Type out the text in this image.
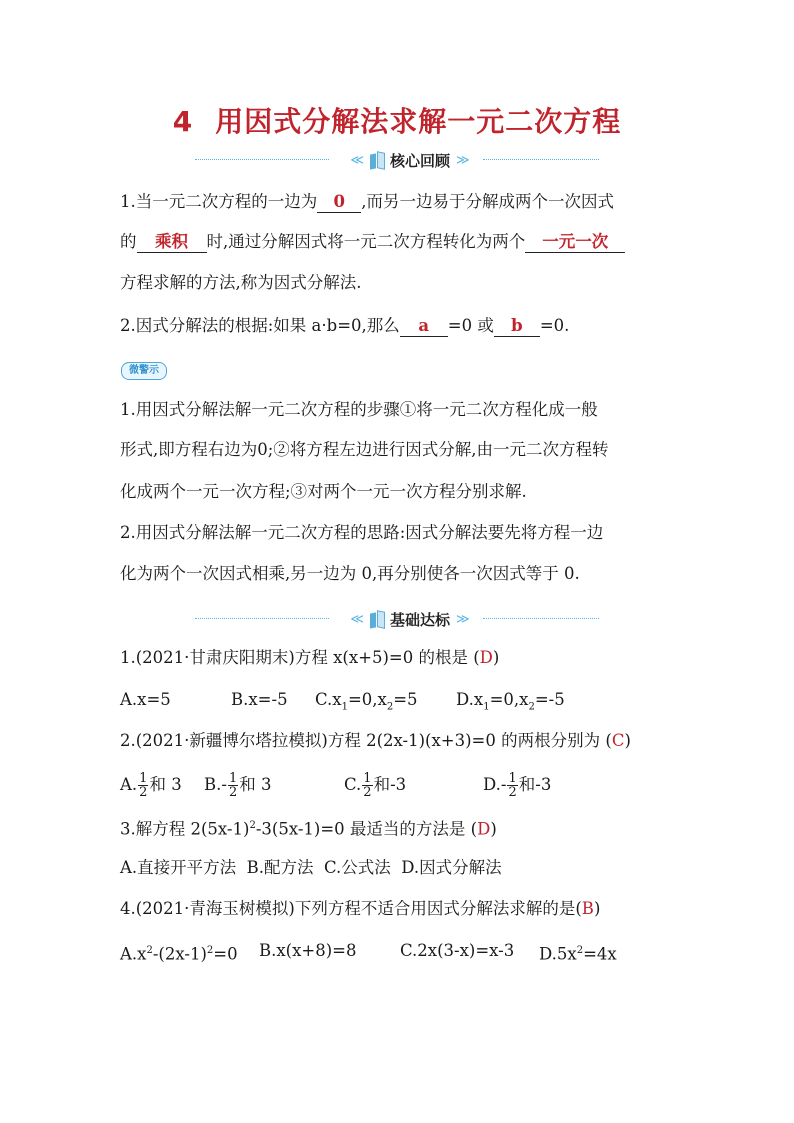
4 用因式分解法求解一元二次方程
≪ 核心回顾 ≫
1.当一元二次方程的一边为 0 ,而另一边易于分解成两个一次因式
的 乘积 时,通过分解因式将一元二次方程转化为两个 一元一次
方程求解的方法,称为因式分解法.
2.因式分解法的根据:如果 a·b=0,那么 a =0 或 b =0.
微警示
1.用因式分解法解一元二次方程的步骤①将一元二次方程化成一般
形式,即方程右边为0;②将方程左边进行因式分解,由一元二次方程转
化成两个一元一次方程;③对两个一元一次方程分别求解.
2.用因式分解法解一元二次方程的思路:因式分解法要先将方程一边
化为两个一次因式相乘,另一边为 0,再分别使各一次因式等于 0.
≪ 基础达标 ≫
1.(2021·甘肃庆阳期末)方程 x(x+5)=0 的根是 (D)
A.x=5	B.x=-5 $C.x_1=0,x_2=5$ $D.x_1=0,x_2=-5$
2.(2021·新疆博尔塔拉模拟)方程 2(2x-1)(x+3)=0 的两根分别为 (C)
A. $\frac{1}{2}$ 和 3 $B.- \frac{1}{2}$ 和 3	C. $\frac{1}{2}$ 和-3	$D.- \frac{1}{2}$ 和-3
3.解方程 $2(5x-1)^2-3(5x-1)=0$ 最适当的方法是 (D)
A.直接开平方法  B.配方法  C.公式法  D.因式分解法
4.(2021·青海玉树模拟)下列方程不适合用因式分解法求解的是(B)
$A.x^2-(2x-1)^2=0$ B.x(x+8)=8	C.2x(3-x)=x-3 $D.5x^2=4x$
